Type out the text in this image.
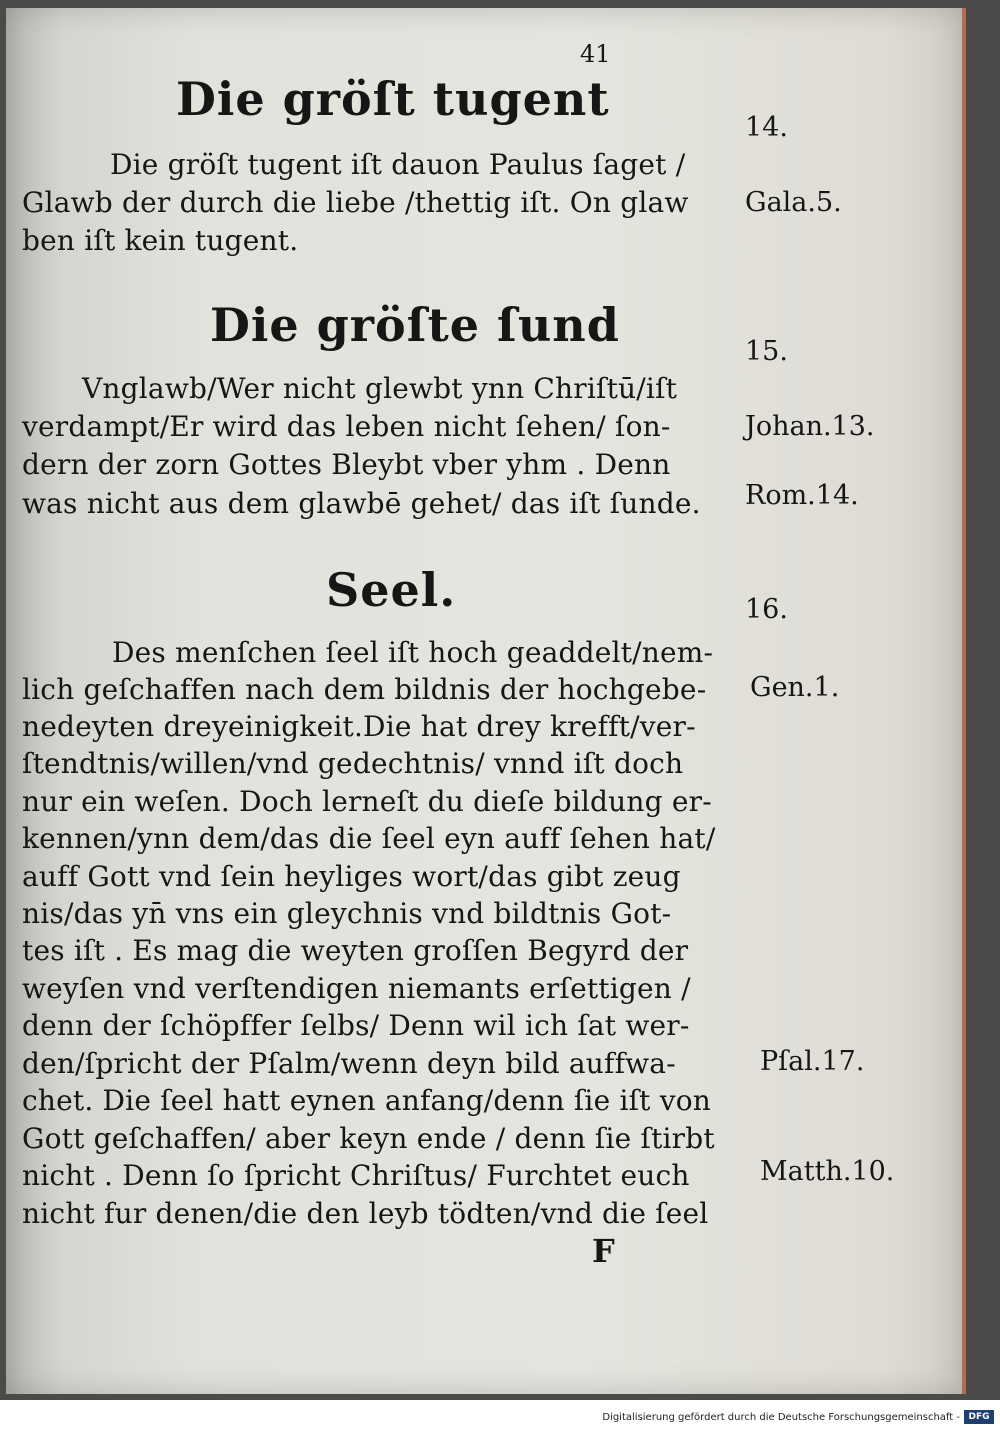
41
Die gröſt tugent
14.
Die gröſt tugent iſt dauon Paulus ſaget /
Glawb der durch die liebe /thettig iſt. On glaw Gala.5.
ben iſt kein tugent.
Die gröſte ſund	15.
Vnglawb/Wer nicht glewbt ynn Chriſtū/iſt
verdampt/Er wird das leben nicht ſehen/ ſon-	Johan.13.
dern der zorn Gottes Bleybt vber yhm . Denn
was nicht aus dem glawbē gehet/ das iſt ſunde. Rom.14.
Seel.	16.
Des menſchen ſeel iſt hoch geaddelt/nem-
lich geſchaffen nach dem bildnis der hochgebe- Gen.1.
nedeyten dreyeinigkeit.Die hat drey krefft/ver-
ſtendtnis/willen/vnd gedechtnis/ vnnd iſt doch
nur ein weſen. Doch lerneſt du dieſe bildung er-
kennen/ynn dem/das die ſeel eyn auff ſehen hat/
auff Gott vnd ſein heyliges wort/das gibt zeug
nis/das yn̄ vns ein gleychnis vnd bildtnis Got-
tes iſt . Es mag die weyten groſſen Begyrd der
weyſen vnd verſtendigen niemants erſettigen /
denn der ſchöpffer ſelbs/ Denn wil ich ſat wer-
den/ſpricht der Pſalm/wenn deyn bild auffwa-	Pſal.17.
chet. Die ſeel hatt eynen anfang/denn ſie iſt von
Gott geſchaffen/ aber keyn ende / denn ſie ſtirbt
nicht . Denn ſo ſpricht Chriſtus/ Furchtet euch	Matth.10.
nicht fur denen/die den leyb tödten/vnd die ſeel
F
Digitalisierung gefördert durch die Deutsche Forschungsgemeinschaft - DFG
